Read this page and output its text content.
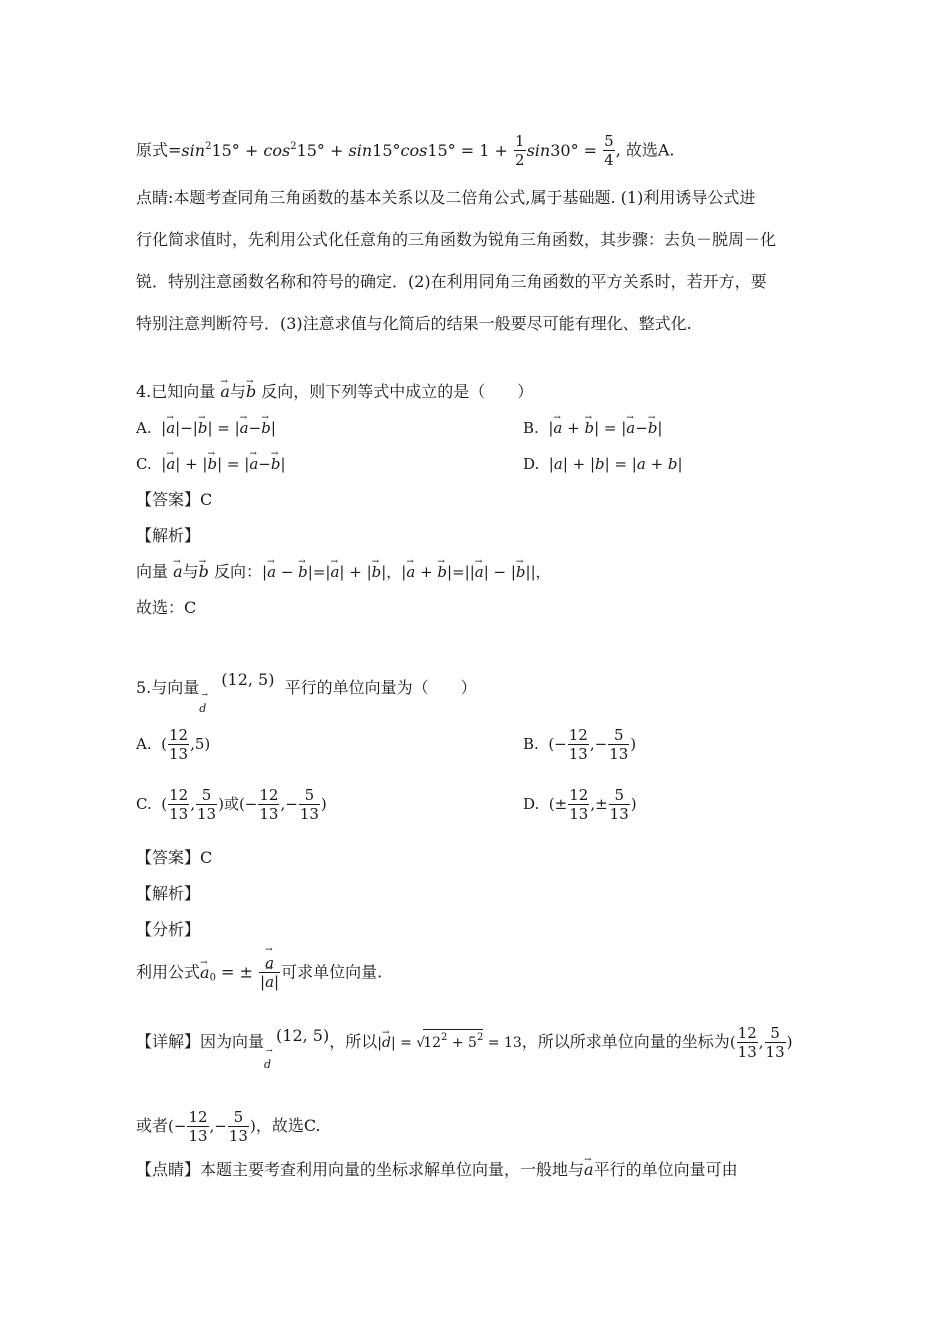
原式$=\sin^215^\circ + \cos^215^\circ + \sin 15^\circ\cos 15^\circ = 1 + \frac{1}{2} \sin 30^\circ = \frac{5}{4}$ , 故选A.
点睛:本题考查同角三角函数的基本关系以及二倍角公式,属于基础题. (1)利用诱导公式进
行化简求值时，先利用公式化任意角的三角函数为锐角三角函数，其步骤：去负－脱周－化
锐．特别注意函数名称和符号的确定．(2)在利用同角三角函数的平方关系时，若开方，要
特别注意判断符号．(3)注意求值与化简后的结果一般要尽可能有理化、整式化.
4.已知向量 → a与→ b 反向，则下列等式中成立的是（　　）
A.  |→ a|−|→ b| = |→ a−→ b|	B.  |→ a + → b| = |→ a−→ b|
C.  |→ a| + |→ b| = |→ a−→ b|	D.  |a| + |b| = |a + b|
【答案】C
【解析】
向量 → a与→ b 反向：|→ a − → b|=|→ a| + |→ b|，|→ a + → b|=||→ a| − |→ b||，
故选：C
5.与向量
d
→
(12, 5) 平行的单位向量为（　　）
A.  ( $\frac{12}{13} ,5$)	B.  (− $\frac{12}{13}$ ,− $\frac{5}{13}$ )
C.  ( $\frac{12}{13}$ , $\frac{5}{13}$ )或(− $\frac{12}{13}$ ,− $\frac{5}{13}$ )	D.  (± $\frac{12}{13}$ ,± $\frac{5}{13}$ )
【答案】C
【解析】
【分析】
利用公式→ $a_0$ = ± → $\frac{a}{|\to a|}$ 可求单位向量.
【详解】因为向量
d
→
(12, 5)，所以|→ $d| = √12^2 + 5^2 = 13$，所以所求单位向量的坐标为( $\frac{12}{13}$ , $\frac{5}{13}$ )
或者(− $\frac{12}{13}$ ,− $\frac{5}{13}$ )，故选C.
【点睛】本题主要考查利用向量的坐标求解单位向量，一般地与→ a平行的单位向量可由
